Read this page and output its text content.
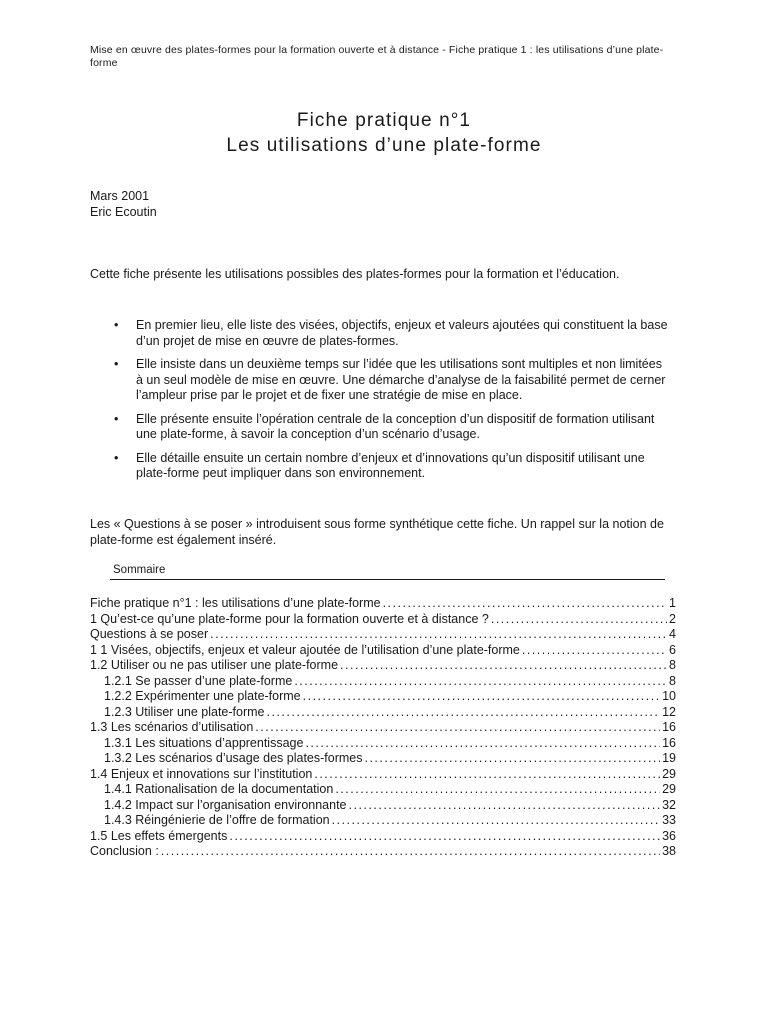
Mise en œuvre des plates-formes pour la formation ouverte et à distance - Fiche pratique 1 : les utilisations d’une plate-forme
Fiche pratique n°1
Les utilisations d’une plate-forme
Mars 2001
Eric Ecoutin
Cette fiche présente les utilisations possibles des plates-formes pour la formation et l’éducation.
• En premier lieu, elle liste des visées, objectifs, enjeux et valeurs ajoutées qui constituent la base d’un projet de mise en œuvre de plates-formes.
• Elle insiste dans un deuxième temps sur l’idée que les utilisations sont multiples et non limitées à un seul modèle de mise en œuvre. Une démarche d’analyse de la faisabilité permet de cerner l’ampleur prise par le projet et de fixer une stratégie de mise en place.
• Elle présente ensuite l’opération centrale de la conception d’un dispositif de formation utilisant une plate-forme, à savoir la conception d’un scénario d’usage.
• Elle détaille ensuite un certain nombre d’enjeux et d’innovations qu’un dispositif utilisant une plate-forme peut impliquer dans son environnement.
Les « Questions à se poser » introduisent sous forme synthétique cette fiche. Un rappel sur la notion de plate-forme est également inséré.
Sommaire
Fiche pratique n°1 : les utilisations d’une plate-forme .....	1
1 Qu’est-ce qu’une plate-forme pour la formation ouverte et à distance ? .....	2
Questions à se poser .....	4
1 1 Visées, objectifs, enjeux et valeur ajoutée de l’utilisation d’une plate-forme .....	6
1.2 Utiliser ou ne pas utiliser une plate-forme .....	8
1.2.1 Se passer d’une plate-forme .....	8
1.2.2 Expérimenter une plate-forme .....	10
1.2.3 Utiliser une plate-forme .....	12
1.3 Les scénarios d’utilisation .....	16
1.3.1 Les situations d’apprentissage .....	16
1.3.2 Les scénarios d’usage des plates-formes .....	19
1.4 Enjeux et innovations sur l’institution .....	29
1.4.1 Rationalisation de la documentation .....	29
1.4.2 Impact sur l’organisation environnante .....	32
1.4.3 Réingénierie de l’offre de formation .....	33
1.5 Les effets émergents .....	36
Conclusion : .....	38
